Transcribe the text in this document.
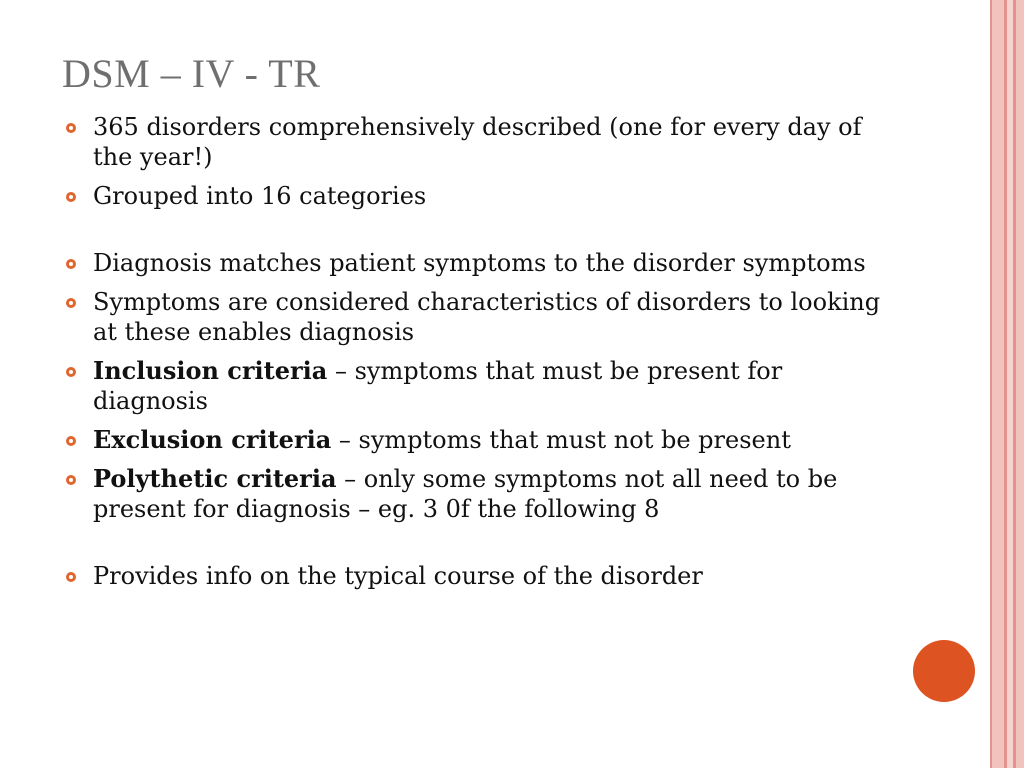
DSM – IV - TR
365 disorders comprehensively described (one for every day of the year!)
Grouped into 16 categories
Diagnosis matches patient symptoms to the disorder symptoms
Symptoms are considered characteristics of disorders to looking at these enables diagnosis
Inclusion criteria – symptoms that must be present for diagnosis
Exclusion criteria – symptoms that must not be present
Polythetic criteria – only some symptoms not all need to be present for diagnosis – eg. 3 0f the following 8
Provides info on the typical course of the disorder
